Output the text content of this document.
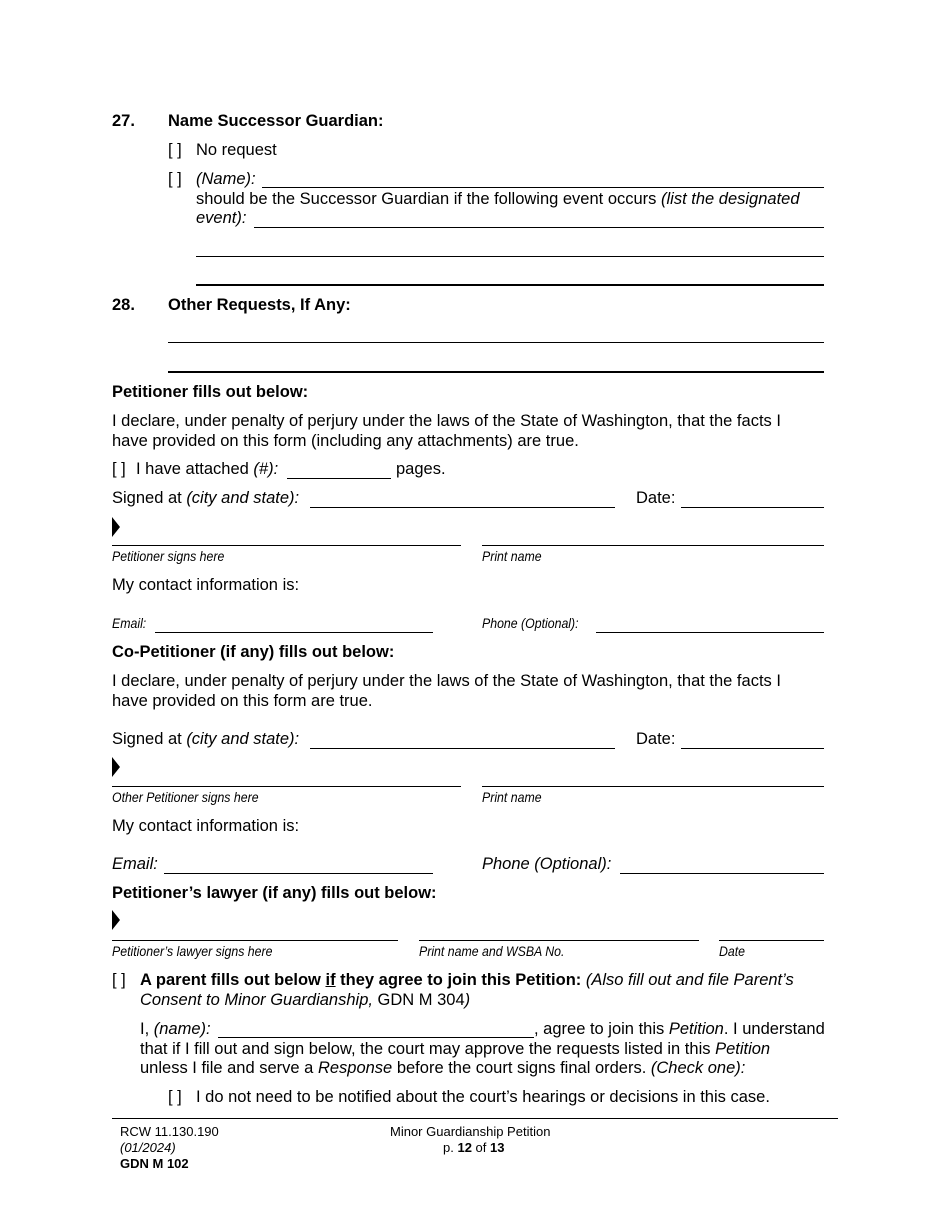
27. Name Successor Guardian:
[ ] No request
[ ] (Name):
should be the Successor Guardian if the following event occurs (list the designated
event):
28. Other Requests, If Any:
Petitioner fills out below:
I declare, under penalty of perjury under the laws of the State of Washington, that the facts I
have provided on this form (including any attachments) are true.
[ ] I have attached (#):	pages.
Signed at (city and state):	Date:
Petitioner signs here	Print name
My contact information is:
Email:	Phone (Optional):
Co-Petitioner (if any) fills out below:
I declare, under penalty of perjury under the laws of the State of Washington, that the facts I
have provided on this form are true.
Signed at (city and state):	Date:
Other Petitioner signs here	Print name
My contact information is:
Email:	Phone (Optional):
Petitioner’s lawyer (if any) fills out below:
Petitioner’s lawyer signs here	Print name and WSBA No.	Date
[ ] A parent fills out below if they agree to join this Petition: (Also fill out and file Parent’s
Consent to Minor Guardianship, GDN M 304)
I, (name):	, agree to join this Petition. I understand
that if I fill out and sign below, the court may approve the requests listed in this Petition
unless I file and serve a Response before the court signs final orders. (Check one):
[ ] I do not need to be notified about the court’s hearings or decisions in this case.
RCW 11.130.190
(01/2024)
GDN M 102
Minor Guardianship Petition
p. 12 of 13
